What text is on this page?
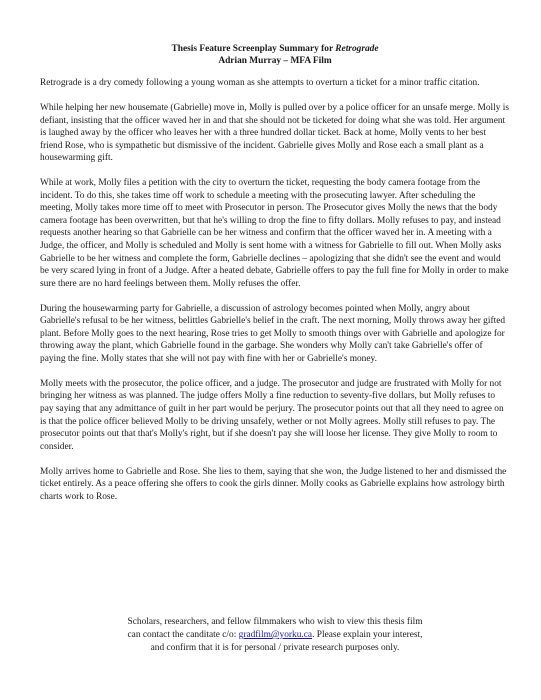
Thesis Feature Screenplay Summary for Retrograde
Adrian Murray – MFA Film

Retrograde is a dry comedy following a young woman as she attempts to overturn a ticket for a minor traffic citation.

While helping her new housemate (Gabrielle) move in, Molly is pulled over by a police officer for an unsafe merge. Molly is defiant, insisting that the officer waved her in and that she should not be ticketed for doing what she was told. Her argument is laughed away by the officer who leaves her with a three hundred dollar ticket. Back at home, Molly vents to her best friend Rose, who is sympathetic but dismissive of the incident. Gabrielle gives Molly and Rose each a small plant as a housewarming gift.

While at work, Molly files a petition with the city to overturn the ticket, requesting the body camera footage from the incident. To do this, she takes time off work to schedule a meeting with the prosecuting lawyer. After scheduling the meeting, Molly takes more time off to meet with Prosecutor in person. The Prosecutor gives Molly the news that the body camera footage has been overwritten, but that he's willing to drop the fine to fifty dollars. Molly refuses to pay, and instead requests another hearing so that Gabrielle can be her witness and confirm that the officer waved her in. A meeting with a Judge, the officer, and Molly is scheduled and Molly is sent home with a witness for Gabrielle to fill out. When Molly asks Gabrielle to be her witness and complete the form, Gabrielle declines – apologizing that she didn't see the event and would be very scared lying in front of a Judge. After a heated debate, Gabrielle offers to pay the full fine for Molly in order to make sure there are no hard feelings between them. Molly refuses the offer.

During the housewarming party for Gabrielle, a discussion of astrology becomes pointed when Molly, angry about Gabrielle's refusal to be her witness, belittles Gabrielle's belief in the craft. The next morning, Molly throws away her gifted plant. Before Molly goes to the next hearing, Rose tries to get Molly to smooth things over with Gabrielle and apologize for throwing away the plant, which Gabrielle found in the garbage. She wonders why Molly can't take Gabrielle's offer of paying the fine. Molly states that she will not pay with fine with her or Gabrielle's money.

Molly meets with the prosecutor, the police officer, and a judge. The prosecutor and judge are frustrated with Molly for not bringing her witness as was planned. The judge offers Molly a fine reduction to seventy-five dollars, but Molly refuses to pay saying that any admittance of guilt in her part would be perjury. The prosecutor points out that all they need to agree on is that the police officer believed Molly to be driving unsafely, wether or not Molly agrees. Molly still refuses to pay. The prosecutor points out that that's Molly's right, but if she doesn't pay she will loose her license. They give Molly to room to consider.

Molly arrives home to Gabrielle and Rose. She lies to them, saying that she won, the Judge listened to her and dismissed the ticket entirely. As a peace offering she offers to cook the girls dinner. Molly cooks as Gabrielle explains how astrology birth charts work to Rose.

Scholars, researchers, and fellow filmmakers who wish to view this thesis film
can contact the canditate c/o: gradfilm@yorku.ca. Please explain your interest,
and confirm that it is for personal / private research purposes only.
